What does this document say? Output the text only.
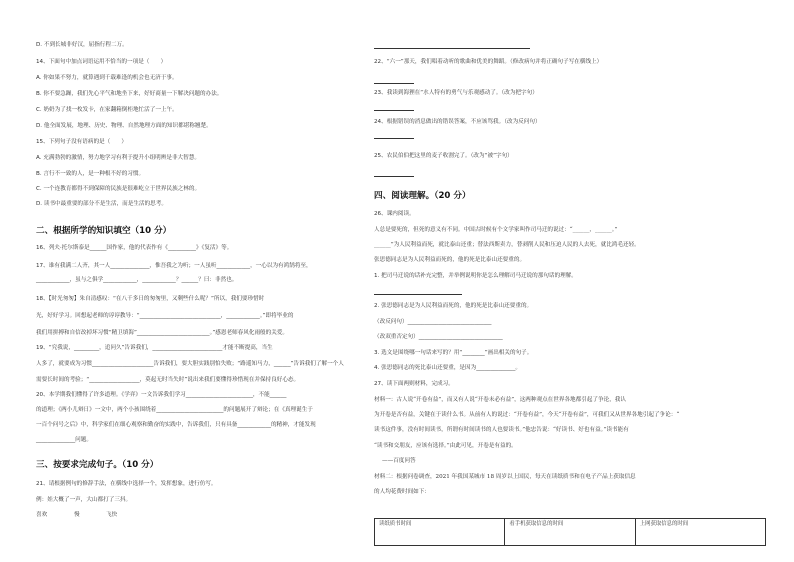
D. 不到长城非好汉，屈指行程二万。
14、下面句中加点词语运用不恰当的一项是（　　）
A. 你如果不努力，就算遇到千载难逢的机会也无济于事。
B. 你不要急躁，我们先心平气和地坐下来，好好商量一下解决问题的办法。
C. 奶奶为了找一枚发卡，在家翻箱倒柜地忙活了一上午。
D. 他全面发展，地理、历史、物理、自然地理方面的知识都堪称翘楚。
15、下列句子没有语病的是（　　）
A. 充满勃勃的激情，努力地学习有利于提升小组明辨是非大智慧。
B. 言行不一致的人，是一种根不好的习惯。
C. 一个连教育都得不到保障的民族是很难屹立于世界民族之林的。
D. 读书中最重要的部分不是生活，而是生活的思考。
二、根据所学的知识填空（10 分）
16、列夫·托尔斯泰是______国作家，他的代表作有《__________》《复活》等。
17、谁有我满二人齐，其一人______________，惟吾我之为听；一人虽听____________，一心以为有鸿鹄将至，
____________，虽与之俱学____________，____________？______？曰：非然也。
18、【时光匆匆】朱自清感叹：“在八千多日的匆匆里，又剩些什么呢？”所以，我们要珍惜时
光，好好学习。回想起老师的谆谆教导：“_____________________________，____________。”即将毕业的
我们用拼搏和自信改掉坏习惯“精卫填海”__________________________。”感恩老师春风化雨般的关爱。
19、“究我说，_________，追问久”告诉我们，_________________________才能不断提高，当生
人多了，就要成为习惯______________________告诉我们，要大胆实践别怕失败；“路遥知马力，______”告诉我们了解一个人
需要长时间的考验；“__________________，莫起无时当失时”说出来我们要懂得珍惜现在并保持良好心态。
20、本学期我们懂得了许多道理。《学弈》一文告诉我们学习________________________，不能______
的道理；《两小儿辩日》一文中，两个小孩围绕着________________________的问题展开了辩论；在《真理诞生于
一百个问号之后》中，科学家们在细心观察和勤奋的实践中，告诉我们，只有具备____________的精神，才能发现
______________问题。
三、按要求完成句子。（10 分）
21、请根据例句的修辞手法，在横线中选择一个，发挥想象，进行仿写。
例：娃大概了一声，大山都打了三抖。
喜欢	慢	飞快
22、“六一”那天，我们唱着动听的歌曲和优美的舞蹈。（修改病句并将正确句子写在横线上）
23、我读到海狸在“水人特有的勇气与乐观感动了。（改为把字句）
24、根据错误的消息做出的错误答案，不应该骂我。（改为反问句）
25、农民伯伯把这里的麦子收割完了。（改为“被”字句）
四、阅读理解。（20 分）
26、课内阅读。
人总是要死的，但死的意义有不同。中国古时候有个文学家叫作司马迁的说过：“______，______。”
______”为人民利益而死，就比泰山还重；替法西斯卖力，替剥削人民和压迫人民的人去死，就比鸿毛还轻。
张思德同志是为人民利益而死的，他的死是比泰山还要重的。
1. 把司马迁说的话补充完整，并举例说明你是怎么理解司马迁说的那句话的理解。
2. 张思德同志是为人民利益而死的，他的死是比泰山还要重的。
（改反问句）______________________________
（改双重否定句）______________________________
3. 选文是围绕哪一句话来写的？用“________”画出相关的句子。
4. 张思德同志的死比泰山还要重，是因为______________。
27、读下面两则材料，完成习。
材料一：古人说“开卷有益”，而又有人说“开卷未必有益”，这两种观点在世界各地都引起了争论，我认
为开卷是否有益，关键在于读什么书。从前有人的说过：“开卷有益”，今天“开卷有益”，可我们又从世界各地引起了争论：“
读书这件事，没有时间读书，所谓有时间读书的人也要读书。”他忠告说：“好读书、好也有益。”读书能有
“读书和交朋友，应该有选择。”由此可见，开卷是有益的。
——百度问答
材料二：根据问卷调查，2021 年我国某城市 18 周岁以上国民，每天在读纸质书和在电子产品上获取信息
的人均花费时间如下：
读纸质书时间	看手机获取信息的时间	上网获取信息的时间
